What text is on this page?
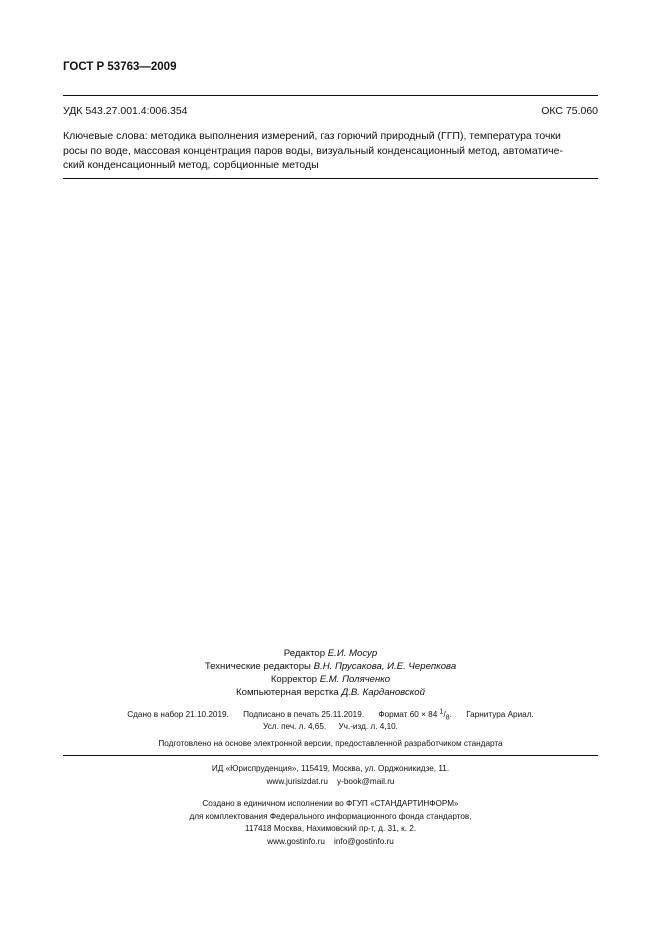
ГОСТ Р 53763—2009
УДК 543.27.001.4:006.354	ОКС 75.060
Ключевые слова: методика выполнения измерений, газ горючий природный (ГГП), температура точки
росы по воде, массовая концентрация паров воды, визуальный конденсационный метод, автоматиче-
ский конденсационный метод, сорбционные методы
Редактор Е.И. Мосур
Технические редакторы В.Н. Прусакова, И.Е. Черепкова
Корректор Е.М. Поляченко
Компьютерная верстка Д.В. Кардановской
Сдано в набор 21.10.2019. Подписано в печать 25.11.2019. Формат 60 × 84 $^1/_8$. Гарнитура Ариал.
Усл. печ. л. 4,65. Уч.-изд. л. 4,10.
Подготовлено на основе электронной версии, предоставленной разработчиком стандарта
ИД «Юриспруденция», 115419, Москва, ул. Орджоникидзе, 11.
www.jurisizdat.ru    y-book@mail.ru
Создано в единичном исполнении во ФГУП «СТАНДАРТИНФОРМ»
для комплектования Федерального информационного фонда стандартов,
117418 Москва, Нахимовский пр-т, д. 31, к. 2.
www.gostinfo.ru    info@gostinfo.ru
